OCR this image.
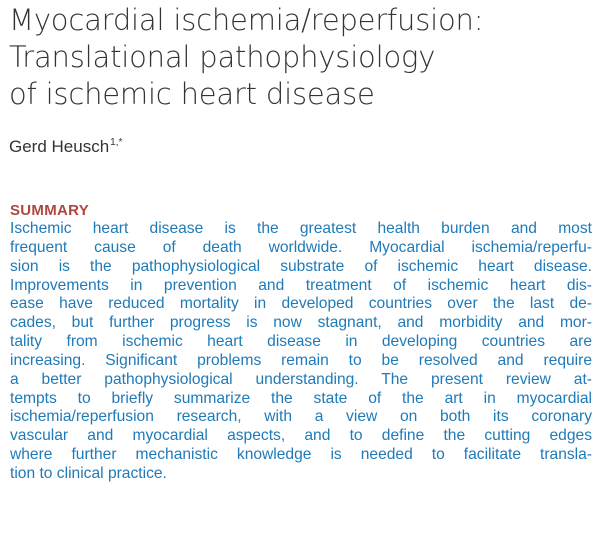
Myocardial ischemia/reperfusion:
Translational pathophysiology
of ischemic heart disease
Gerd Heusch$^{1,*}$
SUMMARY
Ischemic heart disease is the greatest health burden and most
frequent cause of death worldwide. Myocardial ischemia/reperfu-
sion is the pathophysiological substrate of ischemic heart disease.
Improvements in prevention and treatment of ischemic heart dis-
ease have reduced mortality in developed countries over the last de-
cades, but further progress is now stagnant, and morbidity and mor-
tality from ischemic heart disease in developing countries are
increasing. Significant problems remain to be resolved and require
a better pathophysiological understanding. The present review at-
tempts to briefly summarize the state of the art in myocardial
ischemia/reperfusion research, with a view on both its coronary
vascular and myocardial aspects, and to define the cutting edges
where further mechanistic knowledge is needed to facilitate transla-
tion to clinical practice.
